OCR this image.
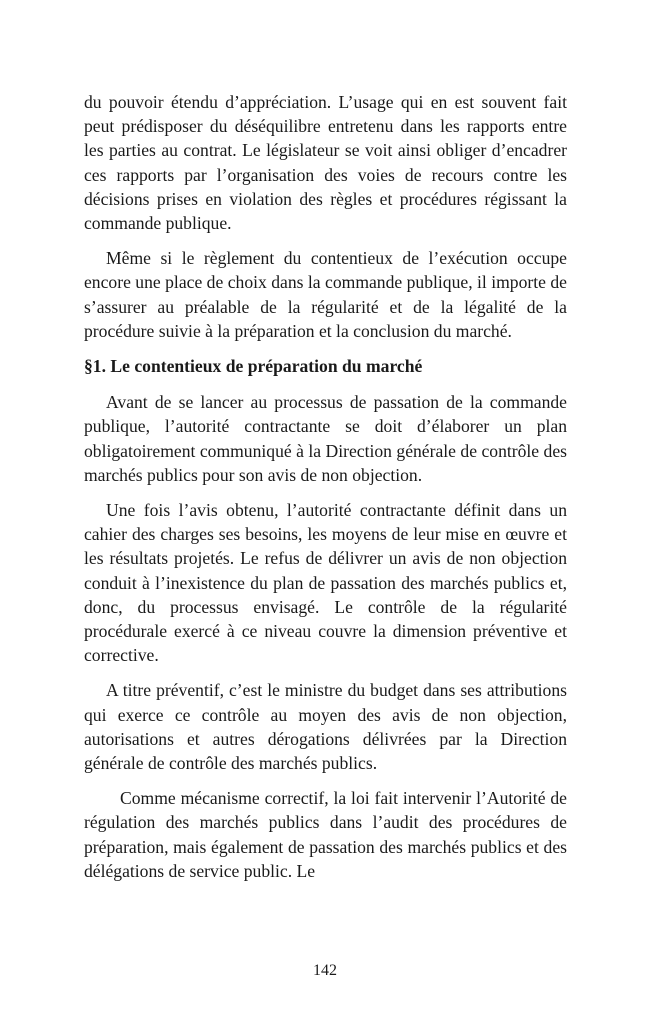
du pouvoir étendu d’appréciation. L’usage qui en est souvent fait peut prédisposer du déséquilibre entretenu dans les rapports entre les parties au contrat. Le législateur se voit ainsi obliger d’encadrer ces rapports par l’organisation des voies de recours contre les décisions prises en violation des règles et procédures régissant la commande publique.

Même si le règlement du contentieux de l’exécution occupe encore une place de choix dans la commande publique, il importe de s’assurer au préalable de la régularité et de la légalité de la procédure suivie à la préparation et la conclusion du marché.

§1. Le contentieux de préparation du marché

Avant de se lancer au processus de passation de la commande publique, l’autorité contractante se doit d’élaborer un plan obligatoirement communiqué à la Direction générale de contrôle des marchés publics pour son avis de non objection.

Une fois l’avis obtenu, l’autorité contractante définit dans un cahier des charges ses besoins, les moyens de leur mise en œuvre et les résultats projetés. Le refus de délivrer un avis de non objection conduit à l’inexistence du plan de passation des marchés publics et, donc, du processus envisagé. Le contrôle de la régularité procédurale exercé à ce niveau couvre la dimension préventive et corrective.

A titre préventif, c’est le ministre du budget dans ses attributions qui exerce ce contrôle au moyen des avis de non objection, autorisations et autres dérogations délivrées par la Direction générale de contrôle des marchés publics.

Comme mécanisme correctif, la loi fait intervenir l’Autorité de régulation des marchés publics dans l’audit des procédures de préparation, mais également de passation des marchés publics et des délégations de service public. Le

142
